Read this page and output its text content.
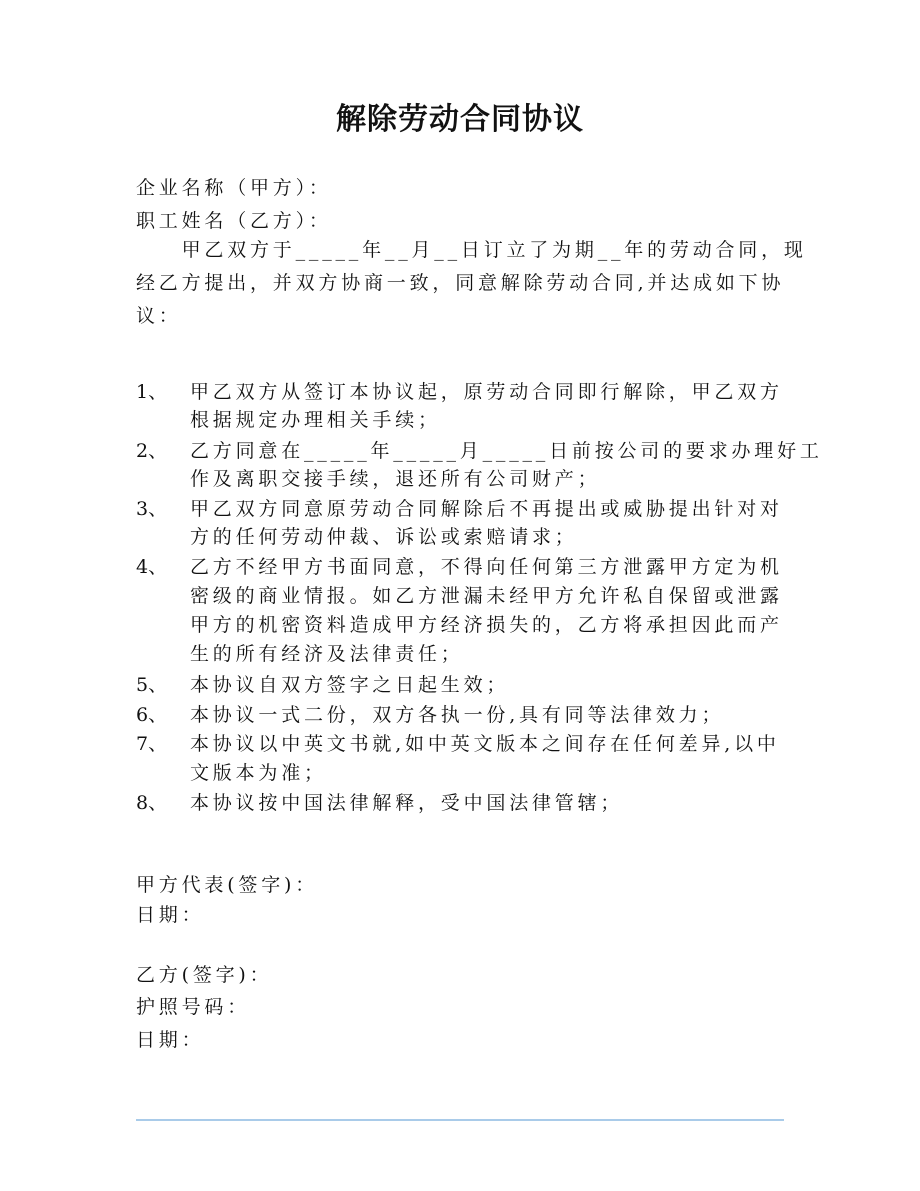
解除劳动合同协议
企业名称（甲方）：
职工姓名（乙方）：
　　甲乙双方于_____年__月__日订立了为期__年的劳动合同，现
经乙方提出，并双方协商一致，同意解除劳动合同,并达成如下协
议：
1、 甲乙双方从签订本协议起，原劳动合同即行解除，甲乙双方
根据规定办理相关手续；
2、 乙方同意在_____年_____月_____日前按公司的要求办理好工
作及离职交接手续，退还所有公司财产；
3、 甲乙双方同意原劳动合同解除后不再提出或威胁提出针对对
方的任何劳动仲裁、诉讼或索赔请求；
4、 乙方不经甲方书面同意，不得向任何第三方泄露甲方定为机
密级的商业情报。如乙方泄漏未经甲方允许私自保留或泄露
甲方的机密资料造成甲方经济损失的，乙方将承担因此而产
生的所有经济及法律责任；
5、 本协议自双方签字之日起生效；
6、 本协议一式二份，双方各执一份,具有同等法律效力；
7、 本协议以中英文书就,如中英文版本之间存在任何差异,以中
文版本为准；
8、 本协议按中国法律解释，受中国法律管辖；
甲方代表(签字)：
日期：
乙方(签字)：
护照号码：
日期：
